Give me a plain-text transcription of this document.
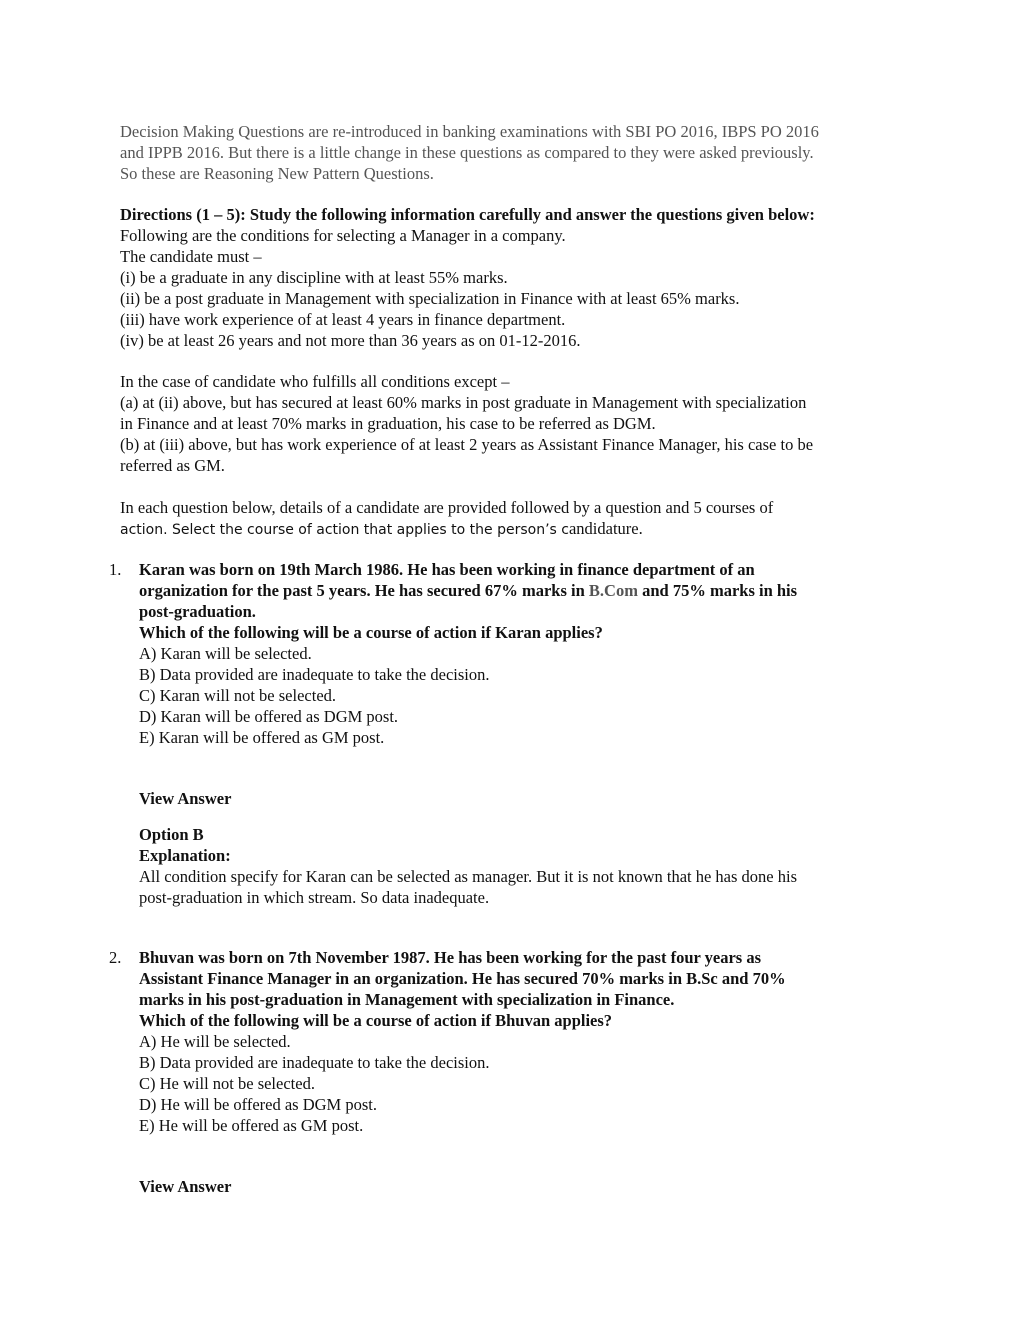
Decision Making Questions are re-introduced in banking examinations with SBI PO 2016, IBPS PO 2016

and IPPB 2016. But there is a little change in these questions as compared to they were asked previously.

So these are Reasoning New Pattern Questions.

Directions (1 – 5): Study the following information carefully and answer the questions given below:

Following are the conditions for selecting a Manager in a company.

The candidate must –

(i) be a graduate in any discipline with at least 55% marks.

(ii) be a post graduate in Management with specialization in Finance with at least 65% marks.

(iii) have work experience of at least 4 years in finance department.

(iv) be at least 26 years and not more than 36 years as on 01-12-2016.

In the case of candidate who fulfills all conditions except –

(a) at (ii) above, but has secured at least 60% marks in post graduate in Management with specialization

in Finance and at least 70% marks in graduation, his case to be referred as DGM.

(b) at (iii) above, but has work experience of at least 2 years as Assistant Finance Manager, his case to be

referred as GM.

In each question below, details of a candidate are provided followed by a question and 5 courses of

action. Select the course of action that applies to the person’s candidature.

1.	Karan was born on 19th March 1986. He has been working in finance department of an

organization for the past 5 years. He has secured 67% marks in B.Com and 75% marks in his

post-graduation.

Which of the following will be a course of action if Karan applies?

A) Karan will be selected.

B) Data provided are inadequate to take the decision.

C) Karan will not be selected.

D) Karan will be offered as DGM post.

E) Karan will be offered as GM post.

View Answer

Option B

Explanation:

All condition specify for Karan can be selected as manager. But it is not known that he has done his

post-graduation in which stream. So data inadequate.

2.	Bhuvan was born on 7th November 1987. He has been working for the past four years as

Assistant Finance Manager in an organization. He has secured 70% marks in B.Sc and 70%

marks in his post-graduation in Management with specialization in Finance.

Which of the following will be a course of action if Bhuvan applies?

A) He will be selected.

B) Data provided are inadequate to take the decision.

C) He will not be selected.

D) He will be offered as DGM post.

E) He will be offered as GM post.

View Answer
